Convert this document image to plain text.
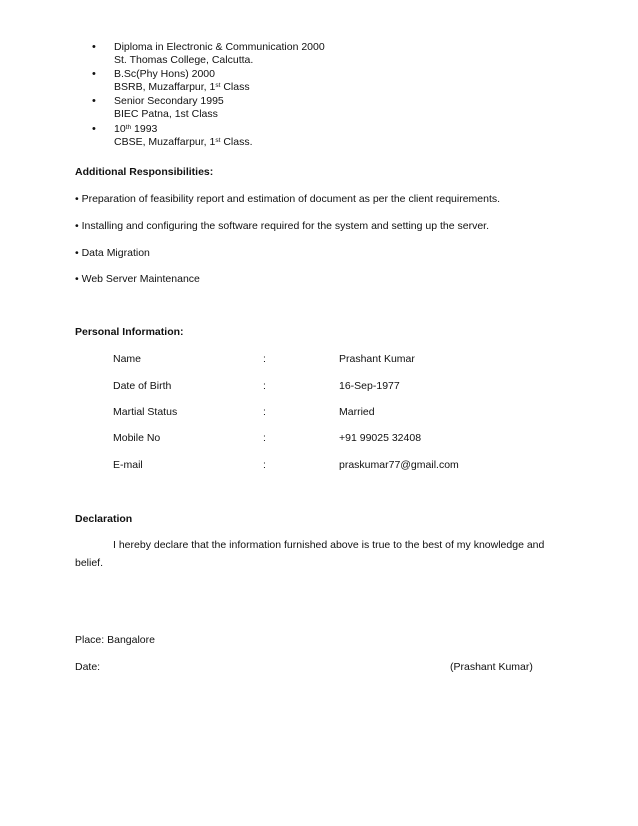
• Diploma in Electronic & Communication 2000
St. Thomas College, Calcutta.
• B.Sc(Phy Hons) 2000
BSRB, Muzaffarpur, 1st Class
• Senior Secondary 1995
BIEC Patna, 1st Class
• 10th 1993
CBSE, Muzaffarpur, 1st Class.
Additional Responsibilities:
• Preparation of feasibility report and estimation of document as per the client requirements.
• Installing and configuring the software required for the system and setting up the server.
• Data Migration
• Web Server Maintenance
Personal Information:
Name	:	Prashant Kumar
Date of Birth	:	16-Sep-1977
Martial Status	:	Married
Mobile No	:	+91 99025 32408
E-mail	:	praskumar77@gmail.com
Declaration
I hereby declare that the information furnished above is true to the best of my knowledge and
belief.
Place: Bangalore
Date:	(Prashant Kumar)
